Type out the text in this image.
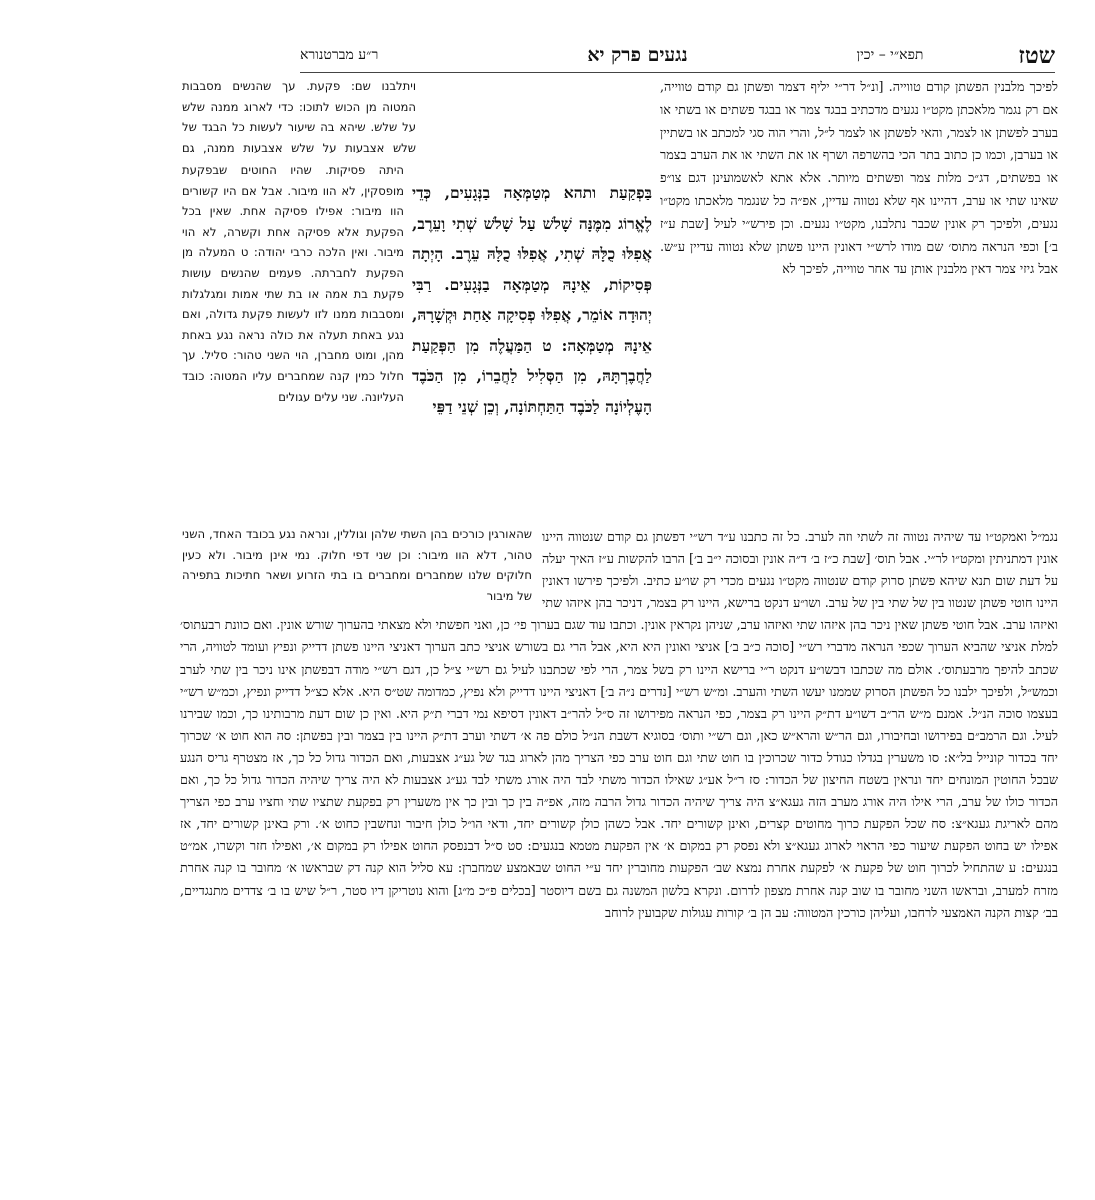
שטז
תפא״י – יכין
נגעים פרק יא
ר״ע מברטנורא

ויתלבנו שם: פקעת. עך שהנשים מסבבות המטוה מן הכוש לתוכו: כדי לארוג ממנה שלש על שלש. שיהא בה שיעור לעשות כל הבגד של שלש אצבעות על שלש אצבעות ממנה, גם

היתה פסיקות. שהיו החוטים שבפקעת מופסקין, לא הוו מיבור. אבל אם היו קשורים הוו מיבור: אפילו פסיקה אחת. שאין בכל הפקעת אלא פסיקה אחת וקשרה, לא הוי מיבור. ואין הלכה כרבי יהודה: ט המעלה מן הפקעת לחברתה. פעמים שהנשים עושות פקעת בת אמה או בת שתי אמות ומגלגלות ומסבבות ממנו לזו לעשות פקעת גדולה, ואם נגע באחת תעלה את כולה נראה נגע באחת מהן, ומוט מחברן, הוי השני טהור: סליל. עך חלול כמין קנה שמחברים עליו המטוה: כובד העליונה. שני עלים עגולים

בַּפְקַעַת ותהא מְטַמְּאָה בַנְּגָעִים, כְּדֵי לֶאֱרוֹג מִמֶּנָּה שָׁלשׁ עַל שָׁלשׁ שְׁתִי וָעֵרֶב, אֲפִלּוּ כֻלָּהּ שְׁתִי, אֲפִלּוּ כֻלָּהּ עֵרֶב. הָיְתָה פְּסִיקוֹת, אֵינָהּ מְטַמְּאָה בַנְּגָעִים. רַבִּי יְהוּדָה אוֹמֵר, אֲפִלּוּ פְסִיקָה אַחַת וּקְשָׁרָהּ, אֵינָהּ מְטַמְּאָה: ט הַמַּעֲלֶה מִן הַפְּקַעַת לַחֲבֶרְתָּהּ, מִן הַסְּלִיל לַחֲבֵרוֹ, מִן הַכֹּבֶד הָעֶלְיוֹנָה לַכֹּבֶד הַתַּחְתּוֹנָה, וְכֵן שְׁנֵי דַפֵּי

לפיכך מלבנין הפשתן קודם טווייה. [ונ״ל דר״י יליף דצמר ופשתן גם קודם טווייה, אם רק נגמר מלאכתן מקט״ו נגעים מדכתיב בבגד צמר או בבגד פשתים או בשתי או בערב לפשתן או לצמר, והאי לפשתן או לצמר ל״ל, והרי הוה סגי למכתב או בשתיין או בערבן, וכמו כן כתוב בתר הכי בהשרפה ושרף או את השתי או את הערב בצמר או בפשתים, דג״כ מלות צמר ופשתים מיותר. אלא אתא לאשמועינן דגם צו״פ שאינו שתי או ערב, דהיינו אף שלא נטווה עדיין, אפ״ה כל שנגמר מלאכתו מקט״ו נגעים, ולפיכך רק אונין שכבר נתלבנו, מקט״ו נגעים. וכן פירש״י לעיל [שבת ע״ז ב׳] וכפי הנראה מתוס׳ שם מודו לרש״י דאונין היינו פשתן שלא נטווה עדיין ע״ש. אבל גיזי צמר דאין מלבנין אותן עד אחר טווייה, לפיכך לא

שהאורגין כורכים בהן השתי שלהן וגוללין, ונראה נגע בכובד האחד, השני טהור, דלא הוו מיבור: וכן שני דפי חלוק. נמי אינן מיבור. ולא כעין חלוקים שלנו שמחברים ומחברים בו בתי הזרוע ושאר חתיכות בתפירה של מיבור

נגמ״ל ואמקט״ו עד שיהיה נטווה זה לשתי וזה לערב. כל זה כתבנו ע״ד רש״י דפשתן גם קודם שנטווה היינו אונין דמתניתין ומקט״ו לר״י. אבל תוס׳ [שבת כ״ז ב׳ ד״ה אונין ובסוכה י״ב ב׳] הרבו להקשות ע״ז האיך יעלה על דעת שום תנא שיהא פשתן סרוק קודם שנטווה מקט״ו נגעים מכדי רק שו״ע כתיב. ולפיכך פירשו דאונין היינו חוטי פשתן שנטוו בין של שתי בין של ערב. ושו״ע דנקט ברישא, היינו רק בצמר, דניכר בהן איזהו שתי ואיזהו ערב. אבל חוטי פשתן שאין ניכר בהן איזהו שתי ואיזהו ערב, שניהן נקראין אונין. וכתבו עוד שגם בערוך פי׳ כן, ואני חפשתי ולא מצאתי בהערוך שורש אונין. ואם כוונת רבעתוס׳ למלת אניצי שהביא הערוך שכפי הנראה מדברי רש״י [סוכה כ״ב ב׳] אניצי ואונין היא היא, אבל הרי גם בשורש אניצי כתב הערוך דאניצי היינו פשתן דדייק ונפיץ ועומד לטוויה, הרי שכתב להיפך מרבעתוס׳. אולם מה שכתבו דבשו״ע דנקט ר״י ברישא היינו רק בשל צמר, הרי לפי שכתבנו לעיל גם רש״י צ״ל כן, דגם רש״י מודה דבפשתן אינו ניכר בין שתי לערב וכמש״ל, ולפיכך ילבנו כל הפשתן הסרוק שממנו יעשו השתי והערב. ומ״ש רש״י [נדרים נ״ה ב׳] דאניצי היינו דדייק ולא נפיץ, כמדומה שט״ס היא. אלא כצ״ל דדייק ונפיץ, וכמ״ש רש״י בעצמו סוכה הנ״ל. אמנם מ״ש הר״ב דשו״ע דת״ק היינו רק בצמר, כפי הנראה מפירושו זה ס״ל להר״ב דאונין דסיפא נמי דברי ת״ק היא. ואין כן שום דעת מרבותינו כך, וכמו שבירנו לעיל. וגם הרמב״ם בפירושו ובחיבורו, וגם הר״ש והרא״ש כאן, וגם רש״י ותוס׳ בסוגיא דשבת הנ״ל כולם פה א׳ דשתי וערב דת״ק היינו בין בצמר ובין בפשתן: סה הוא חוט א׳ שכרוך יחד בכדור קונייל בל״א: סו משערין בגדלו כגודל כדור שכרוכין בו חוט שתי וגם חוט ערב כפי הצריך מהן לארוג בגד של גע״ג אצבעות, ואם הכדור גדול כל כך, אז מצטרף גריס הנגע שבכל החוטין המונחים יחד ונראין בשטח החיצון של הכדור: סז ר״ל אע״ג שאילו הכדור משתי לבד היה אורג משתי לבד גע״ג אצבעות לא היה צריך שיהיה הכדור גדול כל כך, ואם הכדור כולו של ערב, הרי אילו היה אורג מערב הזה געגא״צ היה צריך שיהיה הכדור גדול הרבה מזה, אפ״ה בין כך ובין כך אין משערין רק בפקעת שתציו שתי וחציו ערב כפי הצריך מהם לאריגת געגא״צ: סח שכל הפקעת כרוך מחוטים קצרים, ואינן קשורים יחד. אבל כשהן כולן קשורים יחד, ודאי הו״ל כולן חיבור ונחשבין כחוט א׳. ורק באינן קשורים יחד, אז אפילו יש בחוט הפקעת שיעור כפי הראוי לארוג געגא״צ ולא נפסק רק במקום א׳ אין הפקעת מטמא בנגעים: סט ס״ל דבנפסק החוט אפילו רק במקום א׳, ואפילו חזר וקשרו, אמ״ט בנגעים: ע שהתחיל לכרוך חוט של פקעת א׳ לפקעת אחרת נמצא שב׳ הפקעות מחוברין יחד ע״י החוט שבאמצע שמחברן: עא סליל הוא קנה דק שבראשו א׳ מחובר בו קנה אחרת מזרח למערב, ובראשו השני מחובר בו שוב קנה אחרת מצפון לדרום. ונקרא בלשון המשנה גם בשם דיוסטר [בכלים פ״כ מ״ג] והוא נוטריקן דיו סטר, ר״ל שיש בו ב׳ צדדים מתנגדיים, בב׳ קצות הקנה האמצעי לרחבו, ועליהן כורכין המטווה: עב הן ב׳ קורות עגולות שקבועין לרוחב
